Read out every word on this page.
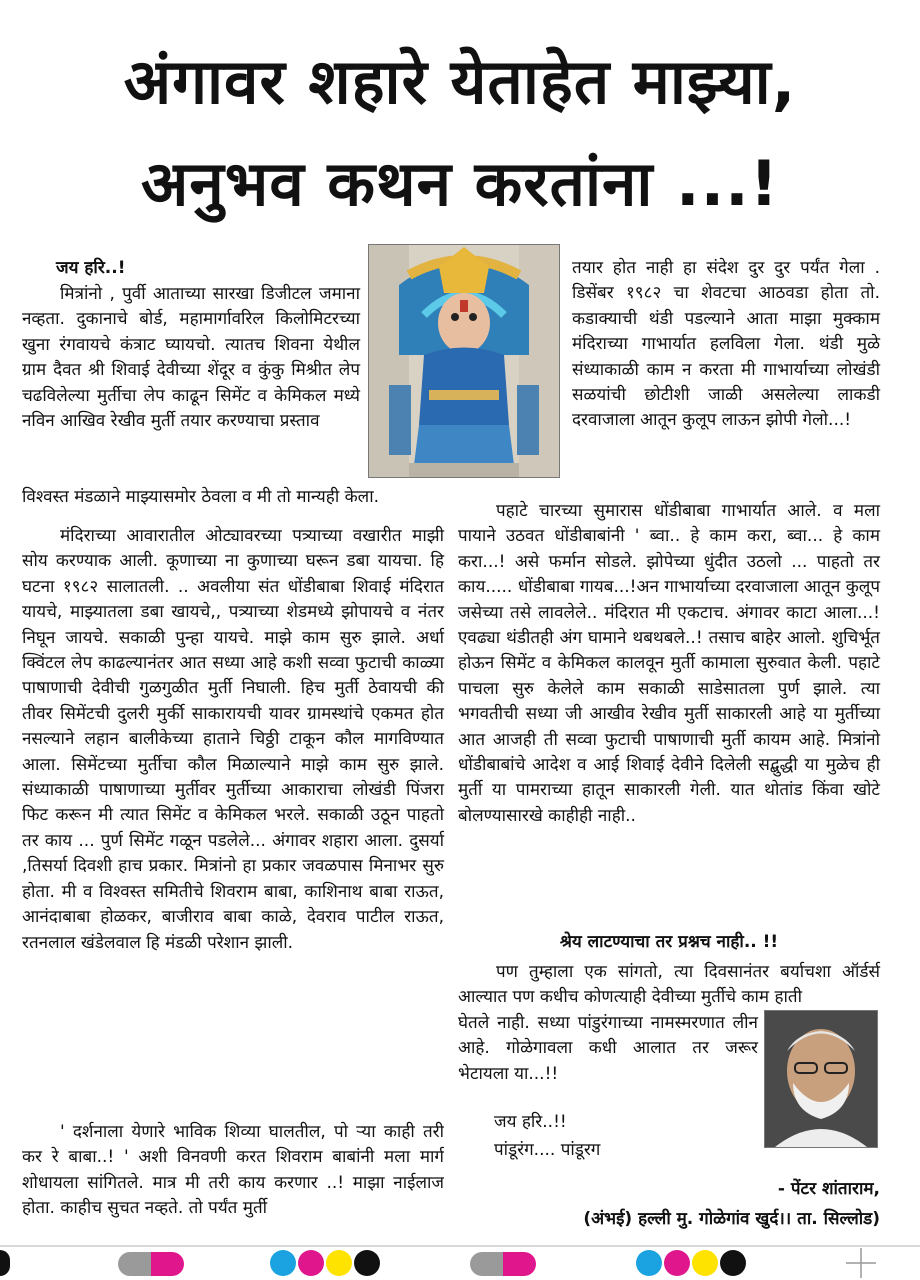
अंगावर शहारे येताहेत माझ्या,
अनुभव कथन करतांना ...!

जय हरि..!

मित्रांनो , पुर्वी आताच्या सारखा डिजीटल जमाना नव्हता. दुकानाचे बोर्ड, महामार्गावरिल किलोमिटरच्या खुना रंगवायचे कंत्राट घ्यायचो. त्यातच शिवना येथील ग्राम दैवत श्री शिवाई देवीच्या शेंदूर व कुंकु मिश्रीत लेप चढविलेल्या मुर्तीचा लेप काढून सिमेंट व केमिकल मध्ये नविन आखिव रेखीव मुर्ती तयार करण्याचा प्रस्ताव

विश्वस्त मंडळाने माझ्यासमोर ठेवला व मी तो मान्यही केला.

मंदिराच्या आवारातील ओट्यावरच्या पत्र्याच्या वखारीत माझी सोय करण्याक आली. कूणाच्या ना कुणाच्या घरून डबा यायचा. हि घटना १९८२ सालातली. .. अवलीया संत धोंडीबाबा शिवाई मंदिरात यायचे, माझ्यातला डबा खायचे,, पत्र्याच्या शेडमध्ये झोपायचे व नंतर निघून जायचे. सकाळी पुन्हा यायचे. माझे काम सुरु झाले. अर्धा क्विंटल लेप काढल्यानंतर आत सध्या आहे कशी सव्वा फुटाची काळ्या पाषाणाची देवीची गुळगुळीत मुर्ती निघाली. हिच मुर्ती ठेवायची की तीवर सिमेंटची दुलरी मुर्की साकारायची यावर ग्रामस्थांचे एकमत होत नसल्याने लहान बालीकेच्या हाताने चिठ्ठी टाकून कौल मागविण्यात आला. सिमेंटच्या मुर्तीचा कौल मिळाल्याने माझे काम सुरु झाले. संध्याकाळी पाषाणाच्या मुर्तीवर मुर्तीच्या आकाराचा लोखंडी पिंजरा फिट करून मी त्यात सिमेंट व केमिकल भरले. सकाळी उठून पाहतो तर काय ... पुर्ण सिमेंट गळून पडलेले... अंगावर शहारा आला. दुसर्या ,तिसर्या दिवशी हाच प्रकार. मित्रांनो हा प्रकार जवळपास मिनाभर सुरु होता. मी व विश्वस्त समितीचे शिवराम बाबा, काशिनाथ बाबा राऊत, आनंदाबाबा होळकर, बाजीराव बाबा काळे, देवराव पाटील राऊत, रतनलाल खंडेलवाल हि मंडळी परेशान झाली.

' दर्शनाला येणारे भाविक शिव्या घालतील, पो ऱ्या काही तरी कर रे बाबा..! ' अशी विनवणी करत शिवराम बाबांनी मला मार्ग शोधायला सांगितले. मात्र मी तरी काय करणार ..! माझा नाईलाज होता. काहीच सुचत नव्हते. तो पर्यंत मुर्ती

तयार होत नाही हा संदेश दुर दुर पर्यंत गेला . डिसेंबर १९८२ चा शेवटचा आठवडा होता तो. कडाक्याची थंडी पडल्याने आता माझा मुक्काम मंदिराच्या गाभार्यात हलविला गेला. थंडी मुळे संध्याकाळी काम न करता मी गाभार्याच्या लोखंडी सळयांची छोटीशी जाळी असलेल्या लाकडी दरवाजाला आतून कुलूप लाऊन झोपी गेलो...!

पहाटे चारच्या सुमारास धोंडीबाबा गाभार्यात आले. व मला पायाने उठवत धोंडीबाबांनी ' ब्वा.. हे काम करा, ब्वा... हे काम करा...! असे फर्मान सोडले. झोपेच्या धुंदीत उठलो ... पाहतो तर काय..... धोंडीबाबा गायब...!अन गाभार्याच्या दरवाजाला आतून कुलूप जसेच्या तसे लावलेले.. मंदिरात मी एकटाच. अंगावर काटा आला...! एवढ्या थंडीतही अंग घामाने थबथबले..! तसाच बाहेर आलो. शुचिर्भूत होऊन सिमेंट व केमिकल कालवून मुर्ती कामाला सुरुवात केली. पहाटे पाचला सुरु केलेले काम सकाळी साडेसातला पुर्ण झाले. त्या भगवतीची सध्या जी आखीव रेखीव मुर्ती साकारली आहे या मुर्तीच्या आत आजही ती सव्वा फुटाची पाषाणाची मुर्ती कायम आहे. मित्रांनो धोंडीबाबांचे आदेश व आई शिवाई देवीने दिलेली सद्बुद्धी या मुळेच ही मुर्ती या पामराच्या हातून साकारली गेली. यात थोतांड किंवा खोटे बोलण्यासारखे काहीही नाही..

श्रेय लाटण्याचा तर प्रश्नच नाही.. !!

पण तुम्हाला एक सांगतो, त्या दिवसानंतर बर्याचशा ऑर्डर्स आल्यात पण कधीच कोणत्याही देवीच्या मुर्तीचे काम हाती

घेतले नाही. सध्या पांडुरंगाच्या नामस्मरणात लीन आहे. गोळेगावला कधी आलात तर जरूर भेटायला या...!!

जय हरि..!!

पांडूरंग.... पांडूरग

- पेंटर शांताराम,
(अंभई) हल्ली मु. गोळेगांव खुर्द।। ता. सिल्लोड)
